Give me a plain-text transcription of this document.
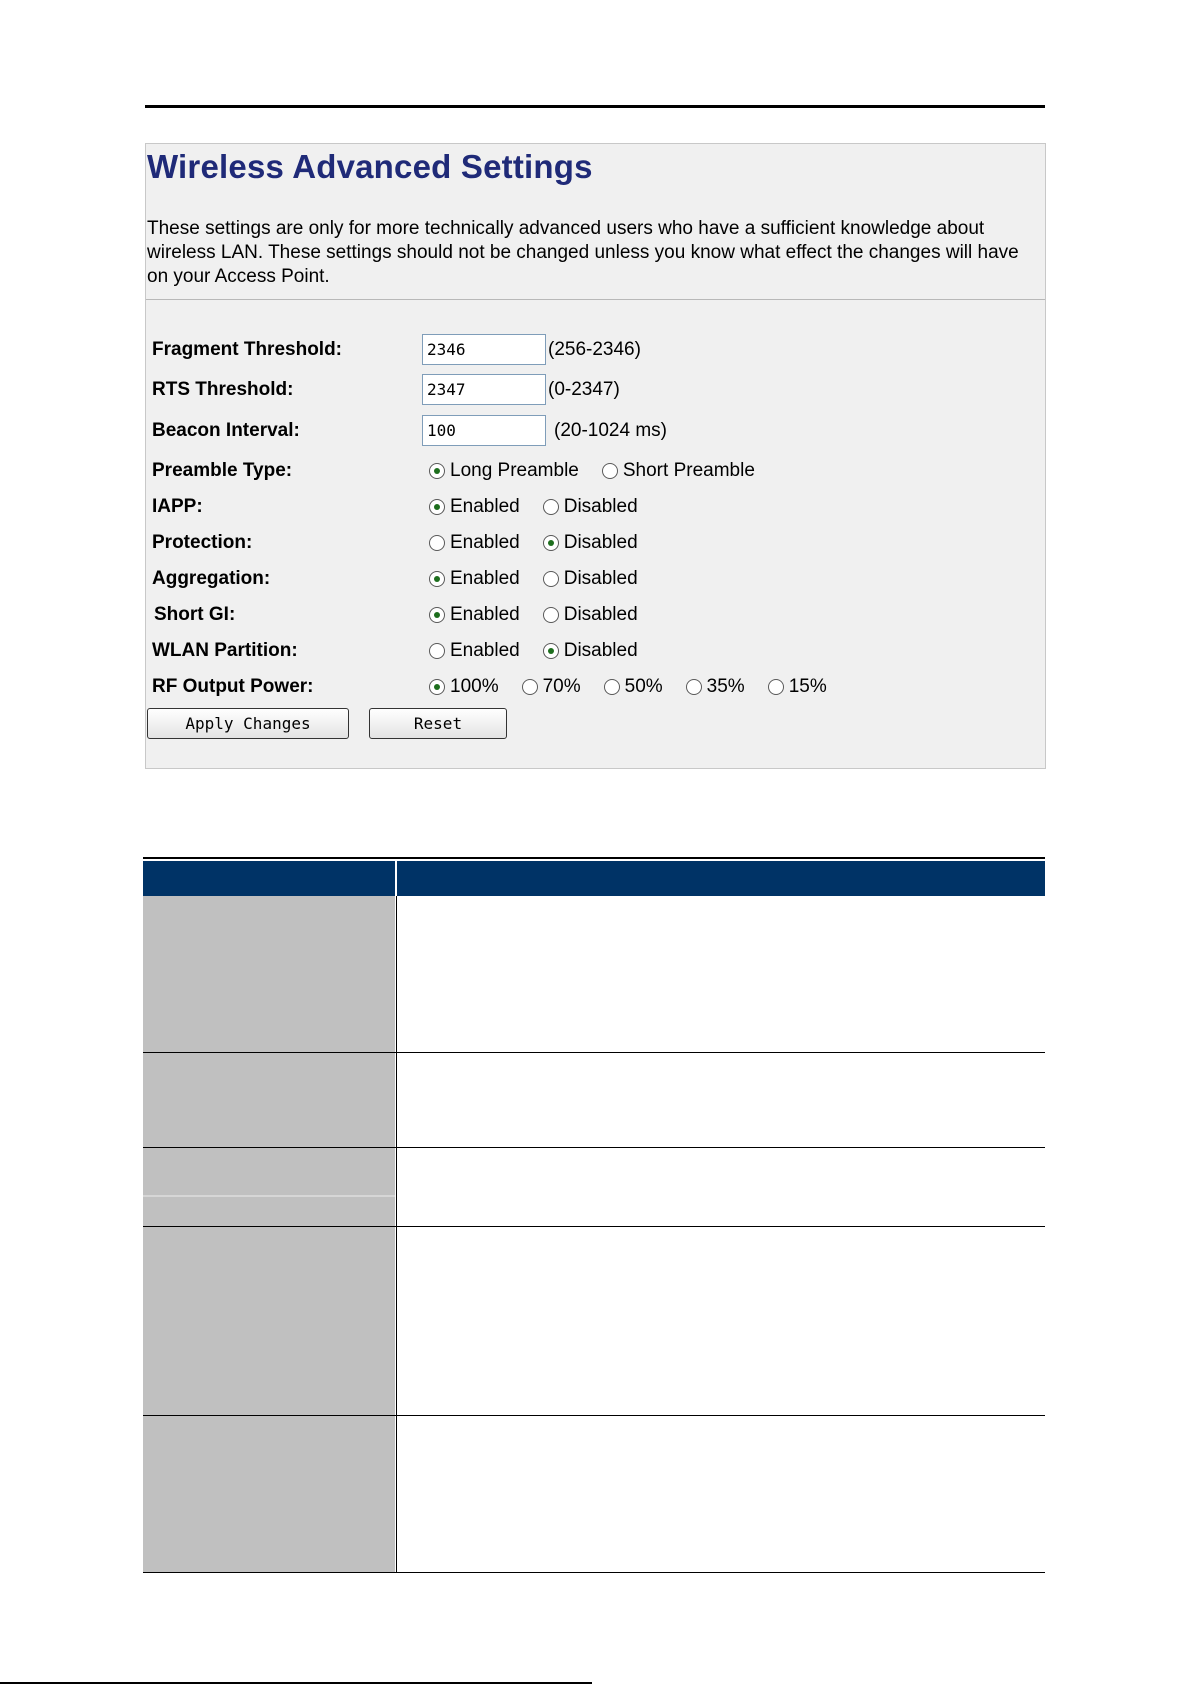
Wireless Advanced Settings

These settings are only for more technically advanced users who have a sufficient knowledge about wireless LAN. These settings should not be changed unless you know what effect the changes will have on your Access Point.

Fragment Threshold:
2346	(256-2346)
RTS Threshold:
2347	(0-2347)
Beacon Interval:
100	(20-1024 ms)
Preamble Type:	Long Preamble Short Preamble
IAPP:	Enabled Disabled
Protection:	Enabled Disabled
Aggregation:	Enabled Disabled
Short GI:	Enabled Disabled
WLAN Partition:	Enabled Disabled
RF Output Power:	100% 70% 50% 35% 15%
Apply Changes	Reset
